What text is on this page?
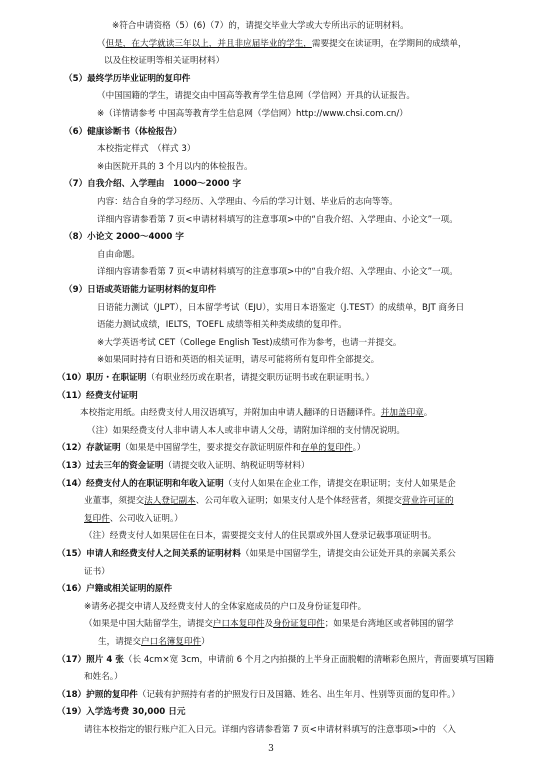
※符合申请资格（5）(6)（7）的，请提交毕业大学或大专所出示的证明材料。
（但是，在大学就读三年以上，并且非应届毕业的学生，需要提交在读证明，在学期间的成绩单，
以及住校证明等相关证明材料）
（5）最终学历毕业证明的复印件
（中国国籍的学生，请提交由中国高等教育学生信息网（学信网）开具的认证报告。
※（详情请参考 中国高等教育学生信息网（学信网）http://www.chsi.com.cn/）
（6）健康诊断书（体检报告）
本校指定样式　（样式 3）
※由医院开具的 3 个月以内的体检报告。
（7）自我介绍、入学理由　1000～2000 字
内容：结合自身的学习经历、入学理由、今后的学习计划、毕业后的志向等等。
详细内容请参看第 7 页<申请材料填写的注意事项>中的“自我介绍、入学理由、小论文”一项。
（8）小论文 2000～4000 字
自由命题。
详细内容请参看第 7 页<申请材料填写的注意事项>中的“自我介绍、入学理由、小论文”一项。
（9）日语或英语能力证明材料的复印件
日语能力测试（JLPT），日本留学考试（EJU），实用日本语鉴定（J.TEST）的成绩单，BJT 商务日
语能力测试成绩，IELTS，TOEFL 成绩等相关种类成绩的复印件。
※大学英语考试 CET（College English Test)成绩可作为参考，也请一并提交。
※如果同时持有日语和英语的相关证明，请尽可能将所有复印件全部提交。
（10）职历・在职证明（有职业经历或在职者，请提交职历证明书或在职证明书。）
（11）经费支付证明
本校指定用纸。由经费支付人用汉语填写，并附加由申请人翻译的日语翻译件。并加盖印章。
（注）如果经费支付人非申请人本人或非申请人父母，请附加详细的支付情况说明。
（12）存款证明（如果是中国留学生，要求提交存款证明原件和存单的复印件。）
（13）过去三年的资金证明（请提交收入证明、纳税证明等材料）
（14）经费支付人的在职证明和年收入证明（支付人如果在企业工作，请提交在职证明；支付人如果是企
业董事，须提交法人登记副本、公司年收入证明；如果支付人是个体经营者，须提交营业许可证的
复印件、公司收入证明。）
（注）经费支付人如果居住在日本，需要提交支付人的住民票或外国人登录记载事项证明书。
（15）申请人和经费支付人之间关系的证明材料（如果是中国留学生，请提交由公证处开具的亲属关系公
证书）
（16）户籍或相关证明的原件
※请务必提交申请人及经费支付人的全体家庭成员的户口及身份证复印件。
（如果是中国大陆留学生，请提交户口本复印件及身份证复印件；如果是台湾地区或者韩国的留学
生，请提交户口名簿复印件）
（17）照片 4 张（长 4cm×宽 3cm，申请前 6 个月之内拍摄的上半身正面脱帽的清晰彩色照片，背面要填写国籍
和姓名。）
（18）护照的复印件（记载有护照持有者的护照发行日及国籍、姓名、出生年月、性别等页面的复印件。）
（19）入学选考费 30,000 日元
请往本校指定的银行账户汇入日元。详细内容请参看第 7 页<申请材料填写的注意事项>中的 〈入
3
